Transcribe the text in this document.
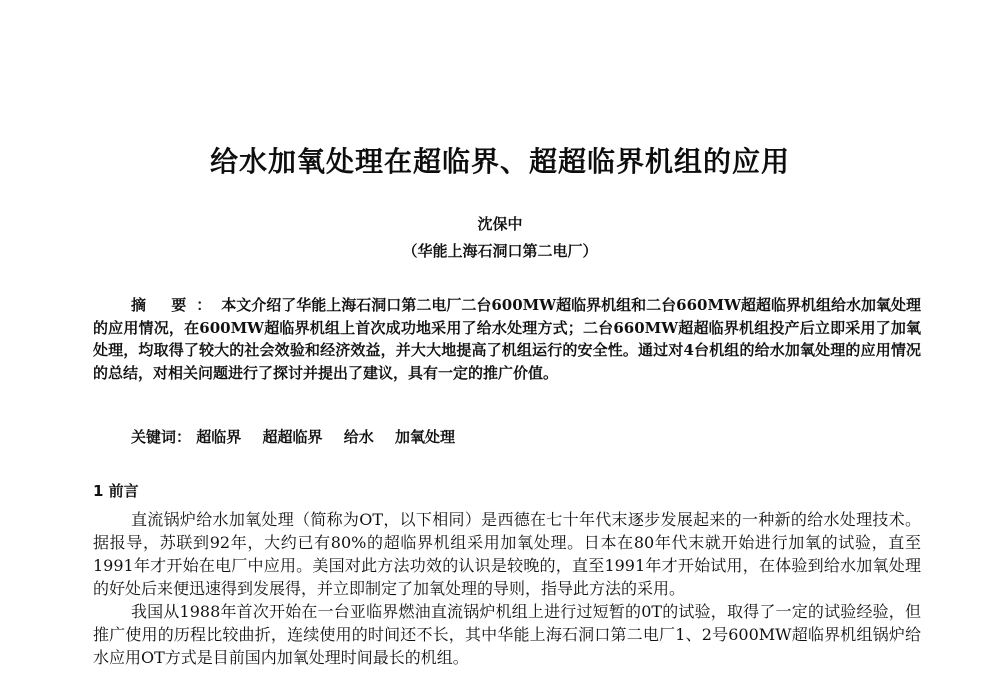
给水加氧处理在超临界、超超临界机组的应用
沈保中
（华能上海石洞口第二电厂）

摘 要：本文介绍了华能上海石洞口第二电厂二台600MW超临界机组和二台660MW超超临界机组给水加氧处理的应用情况，在600MW超临界机组上首次成功地采用了给水处理方式；二台660MW超超临界机组投产后立即采用了加氧处理，均取得了较大的社会效验和经济效益，并大大地提高了机组运行的安全性。通过对4台机组的给水加氧处理的应用情况的总结，对相关问题进行了探讨并提出了建议，具有一定的推广价值。

关键词： 超临界 超超临界 给水 加氧处理

1 前言

直流锅炉给水加氧处理（简称为OT，以下相同）是西德在七十年代末逐步发展起来的一种新的给水处理技术。据报导，苏联到92年，大约已有80%的超临界机组采用加氧处理。日本在80年代末就开始进行加氧的试验，直至1991年才开始在电厂中应用。美国对此方法功效的认识是较晚的，直至1991年才开始试用，在体验到给水加氧处理的好处后来便迅速得到发展得，并立即制定了加氧处理的导则，指导此方法的采用。

我国从1988年首次开始在一台亚临界燃油直流锅炉机组上进行过短暂的0T的试验，取得了一定的试验经验，但推广使用的历程比较曲折，连续使用的时间还不长，其中华能上海石洞口第二电厂1、2号600MW超临界机组锅炉给水应用OT方式是目前国内加氧处理时间最长的机组。
